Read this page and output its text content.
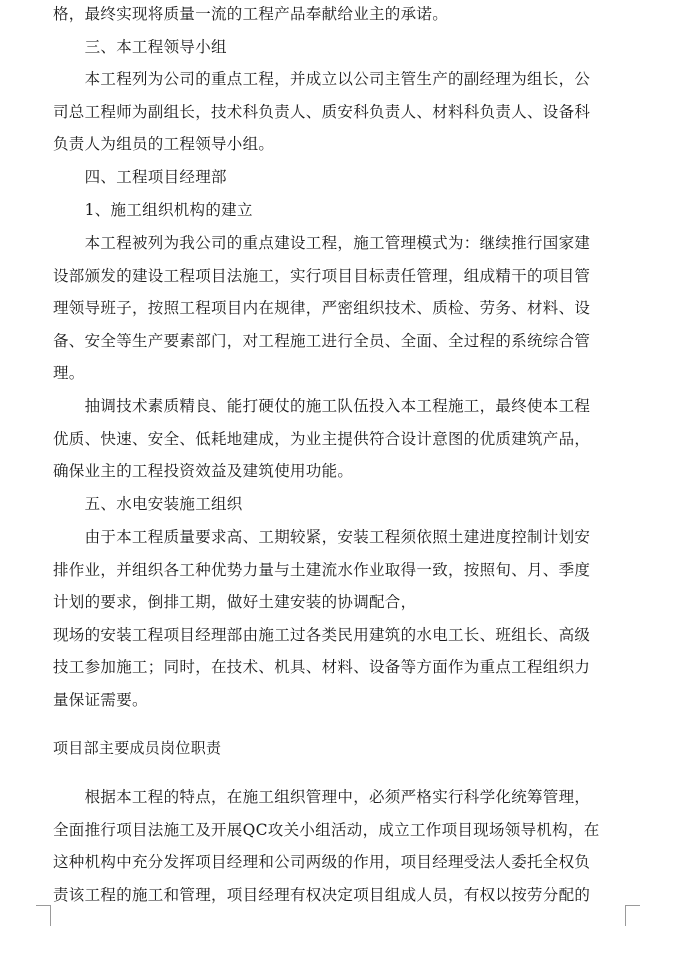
格，最终实现将质量一流的工程产品奉献给业主的承诺。
　　三、本工程领导小组
　　本工程列为公司的重点工程，并成立以公司主管生产的副经理为组长，公
司总工程师为副组长，技术科负责人、质安科负责人、材料科负责人、设备科
负责人为组员的工程领导小组。
　　四、工程项目经理部
　　1、施工组织机构的建立
　　本工程被列为我公司的重点建设工程，施工管理模式为：继续推行国家建
设部颁发的建设工程项目法施工，实行项目目标责任管理，组成精干的项目管
理领导班子，按照工程项目内在规律，严密组织技术、质检、劳务、材料、设
备、安全等生产要素部门，对工程施工进行全员、全面、全过程的系统综合管
理。
　　抽调技术素质精良、能打硬仗的施工队伍投入本工程施工，最终使本工程
优质、快速、安全、低耗地建成，为业主提供符合设计意图的优质建筑产品，
确保业主的工程投资效益及建筑使用功能。
　　五、水电安装施工组织
　　由于本工程质量要求高、工期较紧，安装工程须依照土建进度控制计划安
排作业，并组织各工种优势力量与土建流水作业取得一致，按照旬、月、季度
计划的要求，倒排工期，做好土建安装的协调配合，
现场的安装工程项目经理部由施工过各类民用建筑的水电工长、班组长、高级
技工参加施工；同时，在技术、机具、材料、设备等方面作为重点工程组织力
量保证需要。
项目部主要成员岗位职责
　　根据本工程的特点，在施工组织管理中，必须严格实行科学化统筹管理，
全面推行项目法施工及开展QC攻关小组活动，成立工作项目现场领导机构，在
这种机构中充分发挥项目经理和公司两级的作用，项目经理受法人委托全权负
责该工程的施工和管理，项目经理有权决定项目组成人员，有权以按劳分配的
